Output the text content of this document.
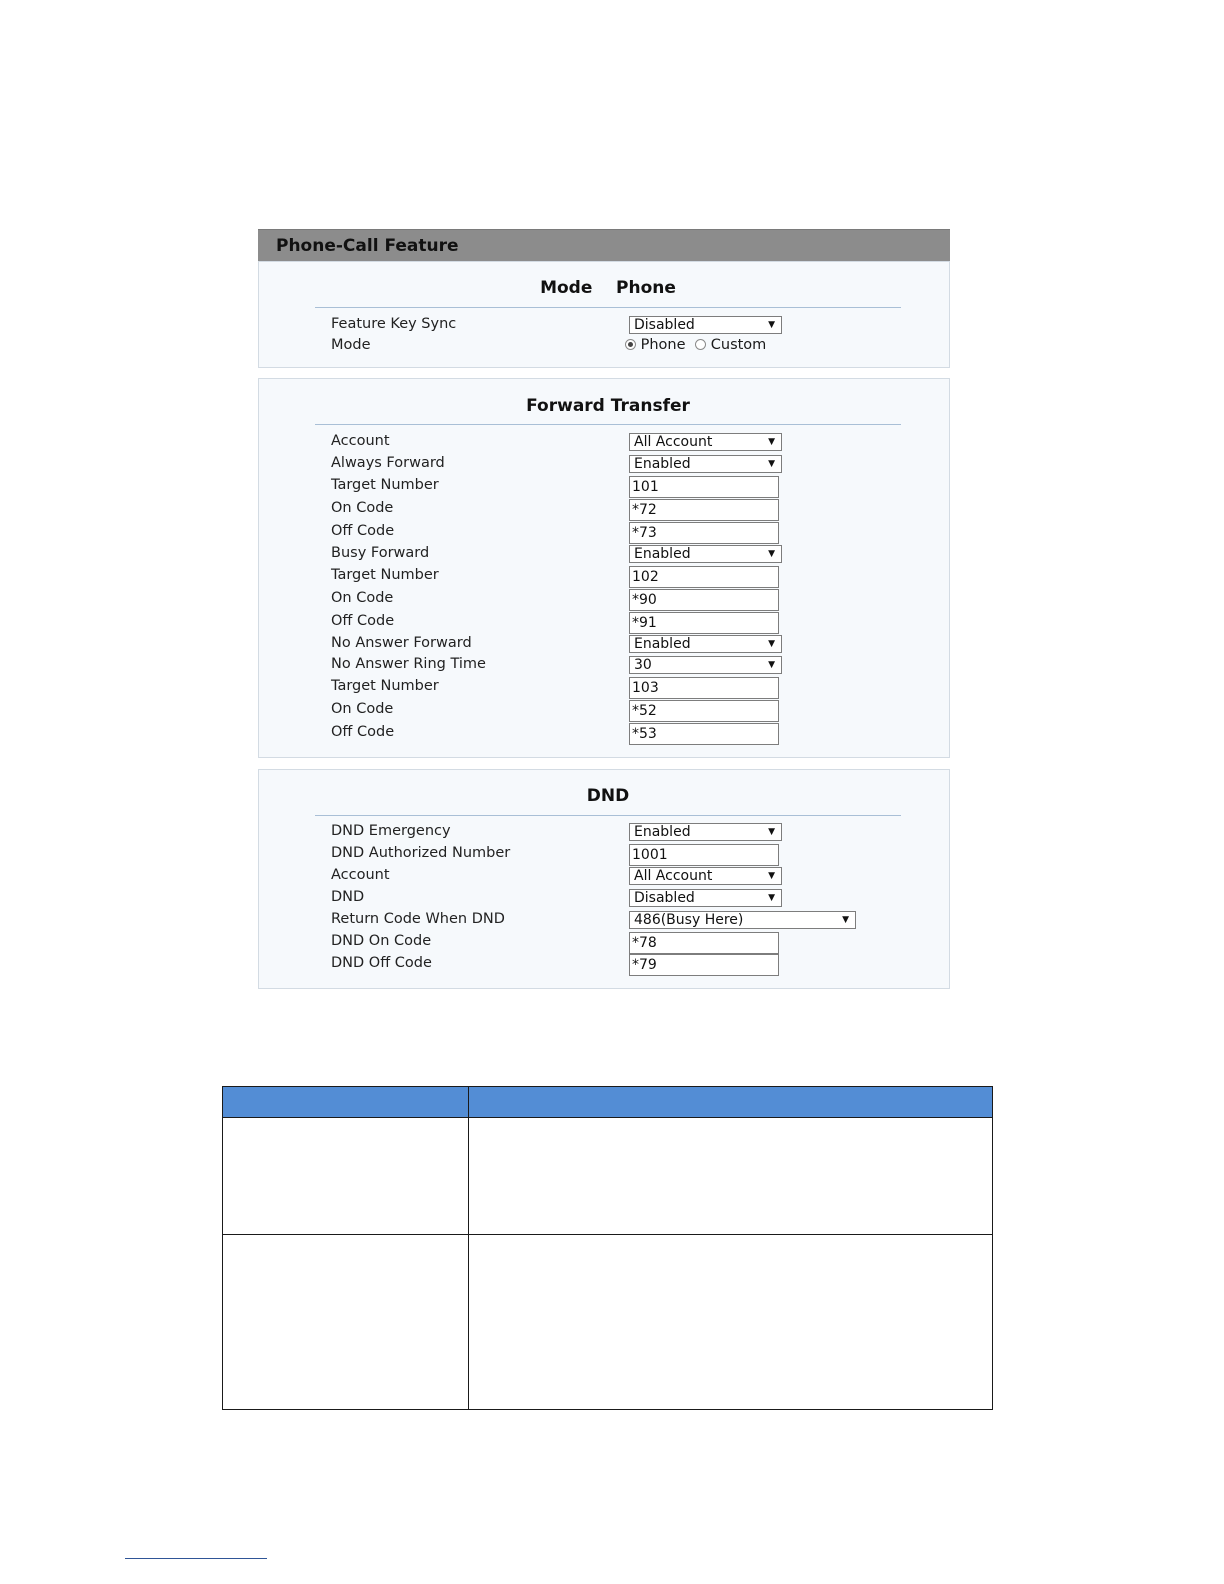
Phone-Call Feature
Mode Phone
Feature Key Sync	Disabled	▼
Mode	Phone Custom
Forward Transfer
Account	All Account	▼
Always Forward	Enabled	▼
Target Number	101
On Code	*72
Off Code	*73
Busy Forward	Enabled	▼
Target Number	102
On Code	*90
Off Code	*91
No Answer Forward	Enabled	▼
No Answer Ring Time	30	▼
Target Number	103
On Code	*52
Off Code	*53
DND
DND Emergency	Enabled	▼
DND Authorized Number	1001
Account	All Account	▼
DND	Disabled	▼
Return Code When DND	486(Busy Here)	▼
DND On Code	*78
DND Off Code	*79
